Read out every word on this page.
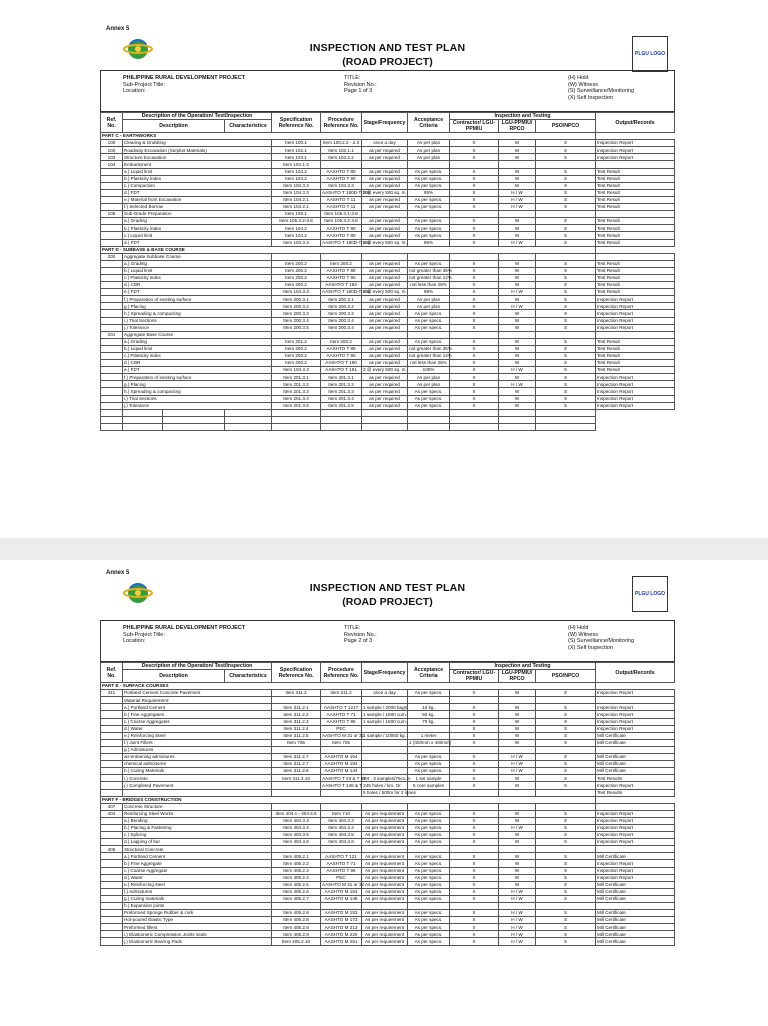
Annex 5
INSPECTION AND TEST PLAN
(ROAD PROJECT)
PLGU LOGO
PHILIPPINE RURAL DEVELOPMENT PROJECT
Sub-Project Title:
Location:
TITLE:
Revision No.:
Page 1 of 3
(H) Hold
(W) Witness
(S) Surveillance/Monitoring
(X) Self Inspection
Ref. No.	Description of the Operation/ Test/Inspection			Specification Reference No.	Procedure Reference No.	Stage/Frequency	Acceptance Criteria	Inspection and Testing			Output/Records
	Description		Characteristics					Contractor/ LGU-PPMIU	LGU-PPMIU/ RPCO	PSO/NPCO	
PART C - EARTHWORKS											
100	Clearing & Grubbing			Item 100.1	Item 100.2.2 - 2.3	once a day	As per plan	X	W	S	Inspection Report
102	Roadway Excavation (Surplus Materials)			Item 102.1	Item 102.1.1	as per required	As per plan	X	W	S	Inspection Report
103	Structure Excavation			Item 103.1	Item 103.2.2	as per required	As per plan	X	W	S	Inspection Report
104	Embankment			Item 104.1-2							
	a.) Liquid limit			Item 104.2	AASHTO T 89	as per required	As per specs.	X	W	S	Test Result
	b.) Plasticity index			Item 104.2	AASHTO T 90	as per required	As per specs.	X	W	S	Test Result
	c.) Compaction			Item 104.3.3	Item 104.3.3	as per required	As per specs.	X	W	S	Test Result
	d.) FDT			Item 104.3.3	AASHTO T 180D-T 191	3 @ every 500 sq. m.	95%	X	H / W	S	Test Result
	e.) Material from Excavation			Item 104.2.1	AASHTO T 11	as per required	As per specs.	X	H / W	S	Test Result
	f.) Selected Borrow			Item 104.2.1	AASHTO T 11	as per required	As per specs.	X	H / W	S	Test Result
105	Sub-Grade Preparation			Item 105.1	Item 105.3.1-3.8						
	a.) Grading			Item 105.3.2-3.8	Item 105.3.2-3.8	as per required	As per specs.	X	W	S	Test Result
	b.) Plasticity index			Item 104.2	AASHTO T 90	as per required	As per specs.	X	W	S	Test Result
	c.) Liquid limit			Item 104.2	AASHTO T 89	as per required	As per specs.	X	W	S	Test Result
	d.) FDT			Item 104.3.3	AASHTO T 180D-T 191	3 @ every 500 sq. m.	95%	X	H / W	S	Test Result
PART D - SUBBASE & BASE COURSE											
200	Aggregate Subbase Course										
	a.) Grading			Item 200.2	Item 200.2	as per required	As per specs.	X	W	S	Test Result
	b.) Liquid limit			Item 200.2	AASHTO T 89	as per required	not greater than 35%	X	W	S	Test Result
	c.) Plasticity index			Item 200.2	AASHTO T 90	as per required	not greater than 12%	X	W	S	Test Result
	d.) CBR			Item 200.2	AASHTO T 193	as per required	not less than 25%	X	W	S	Test Result
	e.) FDT			Item 104.3.3	AASHTO T 180D-T 191	3 @ every 500 sq. m.	98%	X	H / W	S	Test Result
	f.) Preparation of existing surface			Item 200.3.1	Item 200.3.1	as per required	As per plan	X	W	S	Inspection Report
	g.) Placing			Item 200.3.2	Item 200.3.2	as per required	As per plan	X	H / W	S	Inspection Report
	h.) Spreading & compacting			Item 200.3.3	Item 200.3.3	as per required	As per specs.	X	W	S	Inspection Report
	i.) Trial Sections			Item 200.3.4	Item 200.3.4	as per required	As per specs.	X	W	S	Inspection Report
	j.) Tolerance			Item 200.3.5	Item 200.3.4	as per required	As per specs.	X	W	S	Inspection Report
201	Aggregate Base Course										
	a.) Grading			Item 201.2	Item 200.2	as per required	As per specs.	X	W	S	Test Result
	b.) Liquid limit			Item 200.2	AASHTO T 89	as per required	not greater than 35%	X	W	S	Test Result
	c.) Plasticity index			Item 200.2	AASHTO T 90	as per required	not greater than 12%	X	W	S	Test Result
	d.) CBR			Item 200.2	AASHTO T 180	as per required	not less than 25%	X	W	S	Test Result
	e.) FDT			Item 104.3.3	AASHTO T 191	3 @ every 500 sq. m.	100%	X	H / W	S	Test Result
	f.) Preparation of existing surface			Item 201.3.1	Item 201.3.1	as per required	As per plan	X	W	S	Inspection Report
	g.) Placing			Item 201.3.2	Item 201.3.2	as per required	As per plan	X	H / W	S	Inspection Report
	h.) Spreading & compacting			Item 201.3.3	Item 201.3.3	as per required	As per specs.	X	W	S	Inspection Report
	i.) Trial Sections			Item 201.3.4	Item 201.3.4	as per required	As per specs.	X	W	S	Inspection Report
	j.) Tolerance			Item 201.3.5	Item 201.3.5	as per required	As per specs.	X	W	S	Inspection Report

Annex 5
INSPECTION AND TEST PLAN
(ROAD PROJECT)
PLGU LOGO
PHILIPPINE RURAL DEVELOPMENT PROJECT
Sub-Project Title:
Location:
TITLE:
Revision No.:
Page 2 of 3
(H) Hold
(W) Witness
(S) Surveillance/Monitoring
(X) Self Inspection
Ref. No.	Description of the Operation/ Test/Inspection		Specification Reference No.	Procedure Reference No.	Stage/Frequency	Acceptance Criteria	Inspection and Testing			Output/Records
	Description	Characteristics					Contractor/ LGU-PPMIU	LGU-PPMIU/ RPCO	PSO/NPCO	
PART E - SURFACE COURSES										
311	Portland Cement Concrete Pavement		Item 311.2	Item 311.2	once a day	As per specs.	X	W	S	Inspection Report
	Material Requirement:									
	a.) Portland Cement		Item 311.2.1	AASHTO T 1217	1 sample / 2000 bags	10 kg.	X	W	S	Inspection Report
	b.) Fine Aggregates		Item 311.2.2	AASHTO T 71	1 sample / 1500 cum.	50 kg.	X	W	S	Inspection Report
	c.) Coarse Aggregates		Item 311.2.3	AASHTO T 96	1 sample / 1500 cum.	70 kg.	X	W	S	Inspection Report
	d.) Water		Item 311.2.4	PEC			X	W	S	Inspection Report
	e.) Reinforcing Steel		Item 311.2.5	AASHTO M 31 or 32	1 sample / 10000 kg.	1 meter	X	W	S	Mill Certificate
	f.) Joint Fillers		Item 705	Item 705		1 (400mm x 400mm)	X	W	S	Mill Certificate
	g.) Admixtures									
	air-entraining admixtures		Item 311.2.7	AASHTO M 154		As per specs.	X	H / W	S	Mill Certificate
	chemical admixtures		Item 311.2.7	AASHTO M 194		As per specs.	X	H / W	S	Mill Certificate
	h.) Curing Materials		Item 311.2.8	AASHTO M 144		As per specs.	X	H / W	S	Mill Certificate
	i.) Concrete		Item 311.3.10	AASHTO T 23 & T 97	set - 3 samples/75cu.m	1 set sample	X	W	S	Test Results
	j.) Completed Pavement			AASHTO T 148 & T 24	5 holes / km. Or	5 core samples	X	W	S	Inspection Report
					5 holes / 500m for 2 lanes					Test Results
PART F - BRIDGES CONSTRUCTION										
407	Concrete Structure									
404	Reinforcing Steel Works		Item 404.1 - 404.3.6	Item 710	As per requirement	As per specs.	X	W	S	Inspection Report
	a.) Bending		Item 404.3.3	Item 404.3.3	As per requirement	As per specs.	X	W	S	Inspection Report
	b.) Placing & Fastening		Item 404.3.4	Item 404.3.4	As per requirement	As per specs.	X	H / W	S	Inspection Report
	c.) Splicing		Item 404.3.5	Item 404.3.5	As per requirement	As per specs.	X	W	S	Inspection Report
	d.) Lapping of bar		Item 404.3.6	Item 404.3.6	As per requirement	As per specs.	X	W	S	Inspection Report
405	Structural Concrete									
	a.) Portland Cement		Item 405.2.1	AASHTO T 121	As per requirement	As per specs.	X	W	S	Mill Certificate
	b.) Fine Aggregate		Item 405.2.2	AASHTO T 71	As per requirement	As per specs.	X	W	S	Inspection Report
	c.) Coarse Aggregate		Item 405.2.3	AASHTO T 96	As per requirement	As per specs.	X	W	S	Inspection Report
	d.) Water		Item 405.2.4	PEC	As per requirement	As per specs.	X	W	S	Inspection Report
	e.) Reinforcing steel		Item 405.2.5	AASHTO M 31 or 32	As per requirement	As per specs.	X	W	S	Mill Certificate
	f.) Admixtures		Item 405.2.6	AASHTO M 154	As per requirement	As per specs.	X	H / W	S	Mill Certificate
	g.) Curing materials		Item 405.2.7	AASHTO M 148	As per requirement	As per specs.	X	H / W	S	Mill Certificate
	h.) Expansion joints									
	Preformed Sponge Rubber & cork		Item 405.2.8	AASHTO M 153	As per requirement	As per specs.	X	H / W	S	Mill Certificate
	Hot-poured Elastic Type		Item 405.2.8	AASHTO M 173	As per requirement	As per specs.	X	H / W	S	Mill Certificate
	Preformed fillers		Item 405.2.8	AASHTO M 213	As per requirement	As per specs.	X	H / W	S	Mill Certificate
	i.) Elastomeric Compression Joints seals		Item 405.2.9	AASHTO M 220	As per requirement	As per specs.	X	H / W	S	Mill Certificate
	j.) Elastomeric Bearing Pads		Item 405.2.10	AASHTO M 251	As per requirement	As per specs.	X	H / W	S	Mill Certificate
